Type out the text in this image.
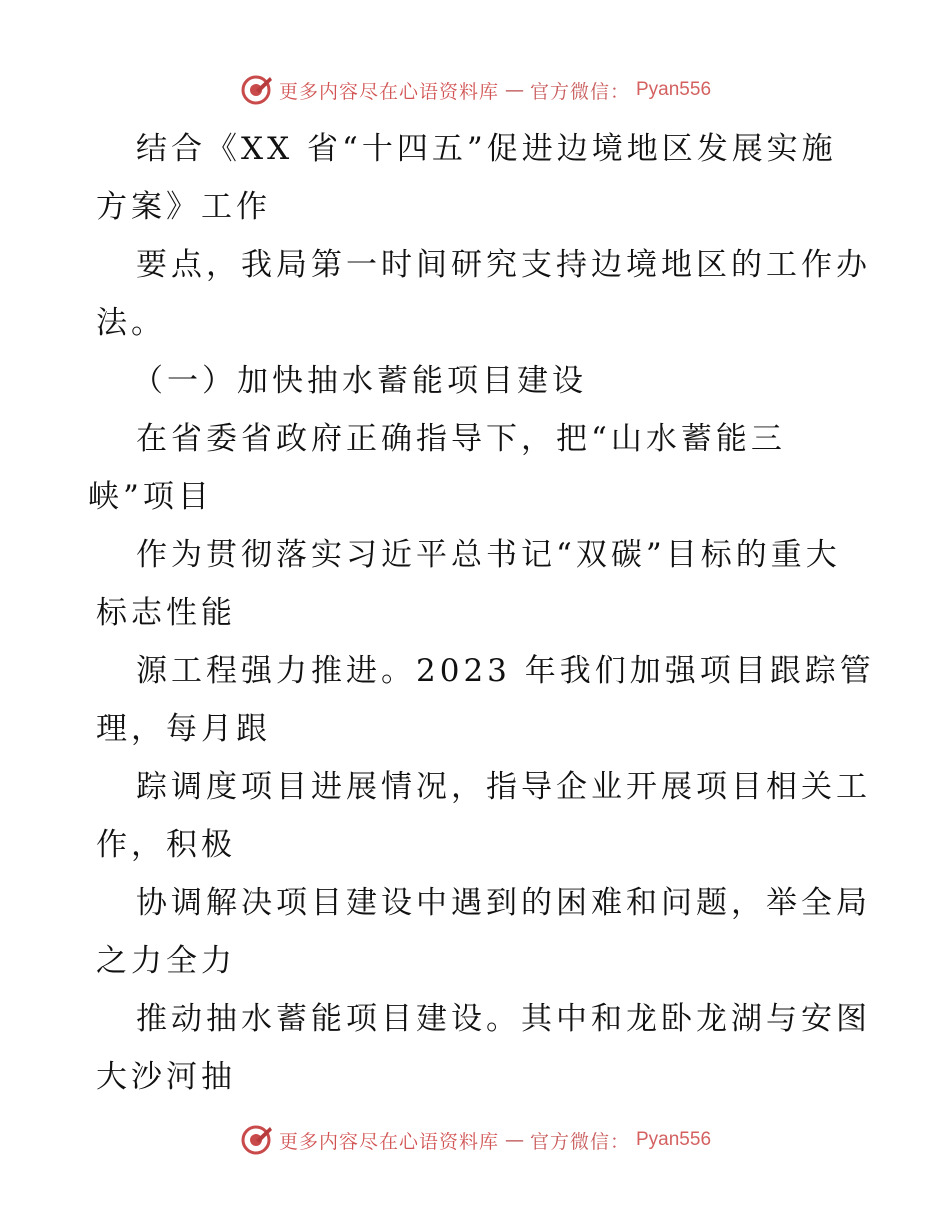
更多内容尽在心语资料库 — 官方微信： Pyan556
结合《XX 省“十四五”促进边境地区发展实施
方案》工作
要点，我局第一时间研究支持边境地区的工作办
法。
（一）加快抽水蓄能项目建设
在省委省政府正确指导下，把“山水蓄能三
峡”项目
作为贯彻落实习近平总书记“双碳”目标的重大
标志性能
源工程强力推进。2023 年我们加强项目跟踪管
理，每月跟
踪调度项目进展情况，指导企业开展项目相关工
作，积极
协调解决项目建设中遇到的困难和问题，举全局
之力全力
推动抽水蓄能项目建设。其中和龙卧龙湖与安图
大沙河抽
更多内容尽在心语资料库 — 官方微信： Pyan556
